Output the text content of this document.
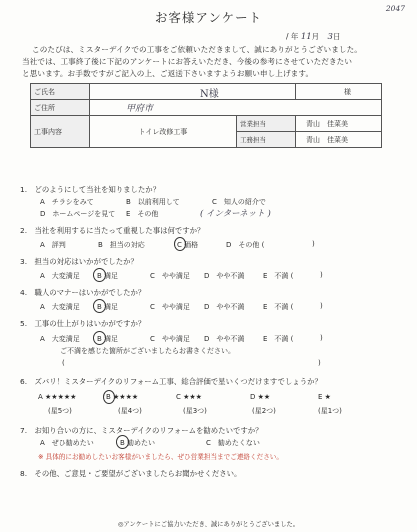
2047
お客様アンケート
/ 年 11月 3日
このたびは、ミスターデイクでの工事をご依頼いただきまして、誠にありがとうございました。
当社では、工事終了後に下記のアンケートにお答えいただき、今後の参考にさせていただきたい
と思います。お手数ですがご記入の上、ご返送下さいますようお願い申し上げます。
ご氏名	N様		様
ご住所	甲府市		
工事内容	トイレ改修工事	営業担当	青山　佳菜美
		工務担当	青山　佳菜美
1.　どのようにして当社を知りましたか？
A　チラシをみて	B　以前利用して	C　知人の紹介で
D　ホームページを見て E　その他	( インターネット )
2.　当社を利用するに当たって重視した事は何ですか？
A　評判	B　担当の対応	C 価格	D　その他 (	)
3.　担当の対応はいかがでしたか？
A　大変満足 B 満足	C　やや満足 D　やや不満	E　不満 (	)
4.　職人のマナーはいかがでしたか？
A　大変満足 B 満足	C　やや満足 D　やや不満	E　不満 (	)
5.　工事の仕上がりはいかがですか？
A　大変満足 B 満足	C　やや満足 D　やや不満	E　不満 (	)
ご不満を感じた箇所がございましたらお書きください。
(	)
6.　ズバリ！ミスターデイクのリフォーム工事、総合評価で星いくつだけますでしょうか？
A ★★★★★	B ★★★★	C ★★★	D ★★	E ★
(星5つ)	(星4つ)	(星3つ)	(星2つ)	(星1つ)
7.　お知り合いの方に、ミスターデイクのリフォームを勧めたいですか？
A　ぜひ勧めたい	B 勧めたい	C　勧めたくない
※ 具体的にお勧めしたいお客様がいましたら、ぜひ営業担当までご連絡ください。
8.　その他、ご意見・ご要望がございましたらお聞かせください。
◎アンケートにご協力いただき、誠にありがとうございました。
